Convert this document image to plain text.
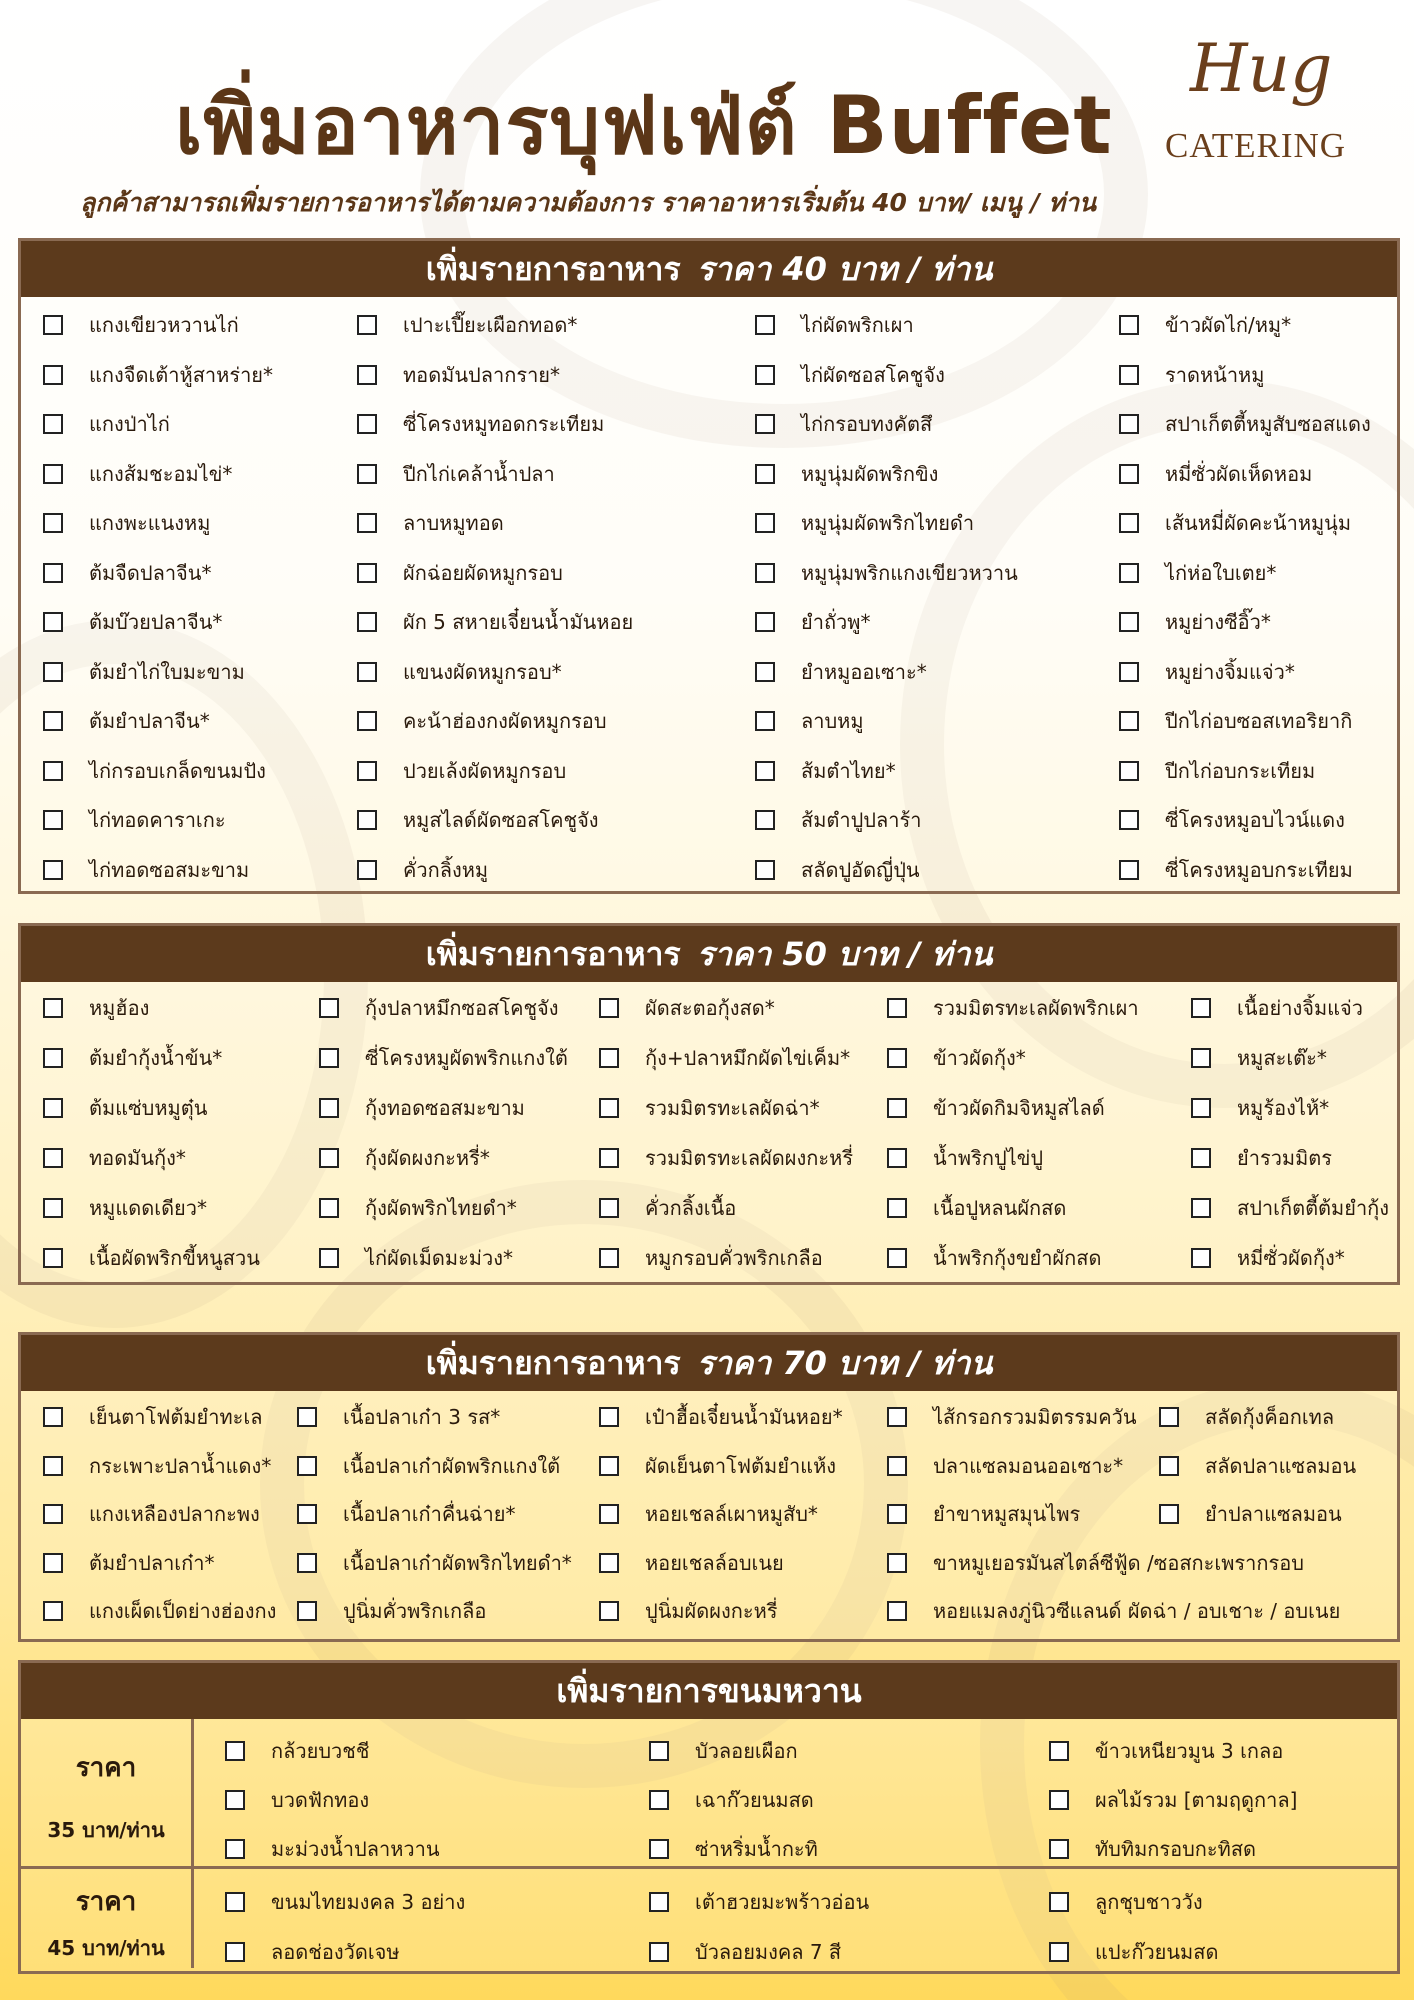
เพิ่มอาหารบุฟเฟ่ต์ Buffet
ลูกค้าสามารถเพิ่มรายการอาหารได้ตามความต้องการ ราคาอาหารเริ่มต้น 40 บาท/ เมนู / ท่าน
Hug
CATERING
เพิ่มรายการอาหาร ราคา 40 บาท / ท่าน
แกงเขียวหวานไก่
แกงจืดเต้าหู้สาหร่าย*
แกงป่าไก่
แกงส้มชะอมไข่*
แกงพะแนงหมู
ต้มจืดปลาจีน*
ต้มบ๊วยปลาจีน*
ต้มยำไก่ใบมะขาม
ต้มยำปลาจีน*
ไก่กรอบเกล็ดขนมปัง
ไก่ทอดคาราเกะ
ไก่ทอดซอสมะขาม
เปาะเปี๊ยะเผือกทอด*
ทอดมันปลากราย*
ซี่โครงหมูทอดกระเทียม
ปีกไก่เคล้าน้ำปลา
ลาบหมูทอด
ผักฉ่อยผัดหมูกรอบ
ผัก 5 สหายเจี๋ยนน้ำมันหอย
แขนงผัดหมูกรอบ*
คะน้าฮ่องกงผัดหมูกรอบ
ปวยเล้งผัดหมูกรอบ
หมูสไลด์ผัดซอสโคชูจัง
คั่วกลิ้งหมู
ไก่ผัดพริกเผา
ไก่ผัดซอสโคชูจัง
ไก่กรอบทงคัตสึ
หมูนุ่มผัดพริกขิง
หมูนุ่มผัดพริกไทยดำ
หมูนุ่มพริกแกงเขียวหวาน
ยำถั่วพู*
ยำหมูออเซาะ*
ลาบหมู
ส้มตำไทย*
ส้มตำปูปลาร้า
สลัดปูอัดญี่ปุ่น
ข้าวผัดไก่/หมู*
ราดหน้าหมู
สปาเก็ตตี้หมูสับซอสแดง
หมี่ซั่วผัดเห็ดหอม
เส้นหมี่ผัดคะน้าหมูนุ่ม
ไก่ห่อใบเตย*
หมูย่างซีอิ๊ว*
หมูย่างจิ้มแจ่ว*
ปีกไก่อบซอสเทอริยากิ
ปีกไก่อบกระเทียม
ซี่โครงหมูอบไวน์แดง
ซี่โครงหมูอบกระเทียม
เพิ่มรายการอาหาร ราคา 50 บาท / ท่าน
หมูฮ้อง
ต้มยำกุ้งน้ำข้น*
ต้มแซ่บหมูตุ๋น
ทอดมันกุ้ง*
หมูแดดเดียว*
เนื้อผัดพริกขี้หนูสวน
กุ้งปลาหมึกซอสโคชูจัง
ซี่โครงหมูผัดพริกแกงใต้
กุ้งทอดซอสมะขาม
กุ้งผัดผงกะหรี่*
กุ้งผัดพริกไทยดำ*
ไก่ผัดเม็ดมะม่วง*
ผัดสะตอกุ้งสด*
กุ้ง+ปลาหมึกผัดไข่เค็ม*
รวมมิตรทะเลผัดฉ่า*
รวมมิตรทะเลผัดผงกะหรี่
คั่วกลิ้งเนื้อ
หมูกรอบคั่วพริกเกลือ
รวมมิตรทะเลผัดพริกเผา
ข้าวผัดกุ้ง*
ข้าวผัดกิมจิหมูสไลด์
น้ำพริกปูไข่ปู
เนื้อปูหลนผักสด
น้ำพริกกุ้งขยำผักสด
เนื้อย่างจิ้มแจ่ว
หมูสะเต๊ะ*
หมูร้องไห้*
ยำรวมมิตร
สปาเก็ตตี้ต้มยำกุ้ง
หมี่ซั่วผัดกุ้ง*
เพิ่มรายการอาหาร ราคา 70 บาท / ท่าน
เย็นตาโฟต้มยำทะเล
กระเพาะปลาน้ำแดง*
แกงเหลืองปลากะพง
ต้มยำปลาเก๋า*
แกงเผ็ดเป็ดย่างฮ่องกง
เนื้อปลาเก๋า 3 รส*
เนื้อปลาเก๋าผัดพริกแกงใต้
เนื้อปลาเก๋าคื่นฉ่าย*
เนื้อปลาเก๋าผัดพริกไทยดำ*
ปูนิ่มคั่วพริกเกลือ
เป๋าฮื้อเจี๋ยนน้ำมันหอย*
ผัดเย็นตาโฟต้มยำแห้ง
หอยเชลล์เผาหมูสับ*
หอยเชลล์อบเนย
ปูนิ่มผัดผงกะหรี่
ไส้กรอกรวมมิตรรมควัน
ปลาแซลมอนออเซาะ*
ยำขาหมูสมุนไพร
ขาหมูเยอรมันสไตล์ซีฟู้ด /ซอสกะเพรากรอบ
หอยแมลงภู่นิวซีแลนด์ ผัดฉ่า / อบเชาะ / อบเนย
สลัดกุ้งค็อกเทล
สลัดปลาแซลมอน
ยำปลาแซลมอน
เพิ่มรายการขนมหวาน
ราคา
35 บาท/ท่าน
ราคา
45 บาท/ท่าน
กล้วยบวชชี
บวดฟักทอง
มะม่วงน้ำปลาหวาน
บัวลอยเผือก
เฉาก๊วยนมสด
ซ่าหริ่มน้ำกะทิ
ข้าวเหนียวมูน 3 เกลอ
ผลไม้รวม [ตามฤดูกาล]
ทับทิมกรอบกะทิสด
ขนมไทยมงคล 3 อย่าง
ลอดช่องวัดเจษ
เต้าฮวยมะพร้าวอ่อน
บัวลอยมงคล 7 สี
ลูกชุบชาววัง
แปะก๊วยนมสด
